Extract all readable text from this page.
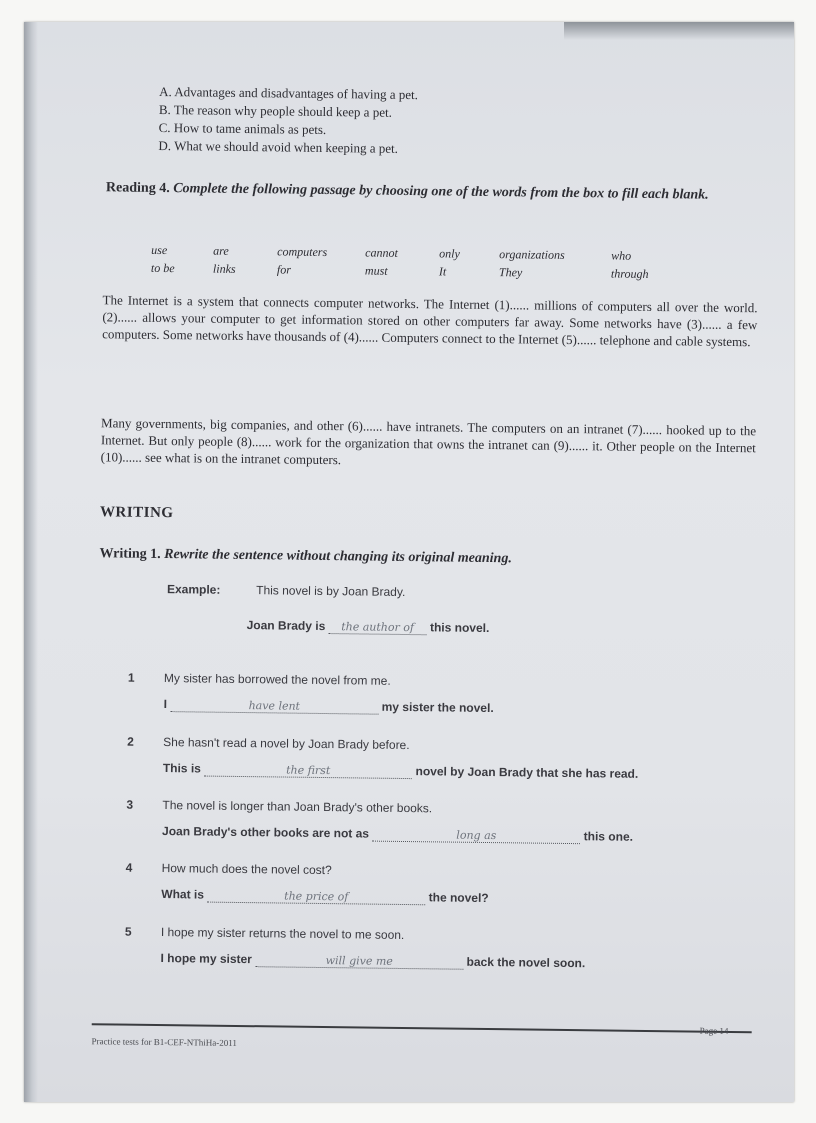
A. Advantages and disadvantages of having a pet.
B. The reason why people should keep a pet.
C. How to tame animals as pets.
D. What we should avoid when keeping a pet.
Reading 4. Complete the following passage by choosing one of the words from the box to fill each blank.
use	are	computers	cannot	only	organizations	who
to be	links	for	must	It	They	through
The Internet is a system that connects computer networks. The Internet (1)...... millions of computers all over the world. (2)...... allows your computer to get information stored on other computers far away. Some networks have (3)...... a few computers. Some networks have thousands of (4)...... Computers connect to the Internet (5)...... telephone and cable systems.
Many governments, big companies, and other (6)...... have intranets. The computers on an intranet (7)...... hooked up to the Internet. But only people (8)...... work for the organization that owns the intranet can (9)...... it. Other people on the Internet (10)...... see what is on the intranet computers.
WRITING
Writing 1. Rewrite the sentence without changing its original meaning.
Example:	This novel is by Joan Brady.
Joan Brady is the author of this novel.
1 My sister has borrowed the novel from me.
I	have lent	my sister the novel.
2 She hasn't read a novel by Joan Brady before.
This is	the first	novel by Joan Brady that she has read.
3 The novel is longer than Joan Brady's other books.
Joan Brady's other books are not as	long as	this one.
4 How much does the novel cost?
What is	the price of	the novel?
5 I hope my sister returns the novel to me soon.
I hope my sister	will give me	back the novel soon.
Practice tests for B1-CEF-NThiHa-2011
Page 14
